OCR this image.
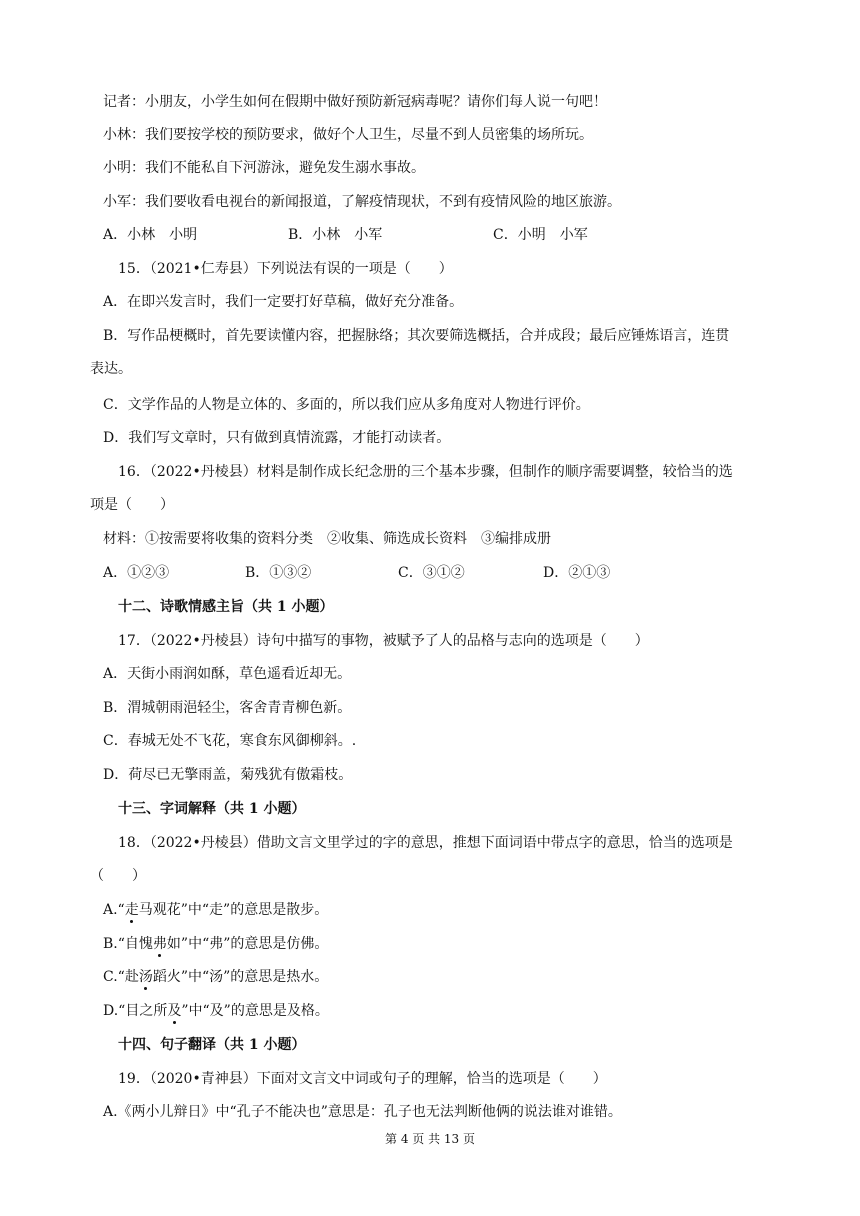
记者：小朋友，小学生如何在假期中做好预防新冠病毒呢？请你们每人说一句吧！
小林：我们要按学校的预防要求，做好个人卫生，尽量不到人员密集的场所玩。
小明：我们不能私自下河游泳，避免发生溺水事故。
小军：我们要收看电视台的新闻报道，了解疫情现状，不到有疫情风险的地区旅游。
A．小林　小明	B．小林　小军	C．小明　小军
15．（2021•仁寿县）下列说法有误的一项是（　　）
A．在即兴发言时，我们一定要打好草稿，做好充分准备。
B．写作品梗概时，首先要读懂内容，把握脉络；其次要筛选概括，合并成段；最后应锤炼语言，连贯
表达。
C．文学作品的人物是立体的、多面的，所以我们应从多角度对人物进行评价。
D．我们写文章时，只有做到真情流露，才能打动读者。
16．（2022•丹棱县）材料是制作成长纪念册的三个基本步骤，但制作的顺序需要调整，较恰当的选
项是（　　）
材料：①按需要将收集的资料分类　②收集、筛选成长资料　③编排成册
A．①②③	B．①③②	C．③①②	D．②①③
十二、诗歌情感主旨（共 1 小题）
17．（2022•丹棱县）诗句中描写的事物，被赋予了人的品格与志向的选项是（　　）
A．天街小雨润如酥，草色遥看近却无。
B．渭城朝雨浥轻尘，客舍青青柳色新。
C．春城无处不飞花，寒食东风御柳斜。.
D．荷尽已无擎雨盖，菊残犹有傲霜枝。
十三、字词解释（共 1 小题）
18．（2022•丹棱县）借助文言文里学过的字的意思，推想下面词语中带点字的意思，恰当的选项是
（　　）
A.“走马观花”中“走”的意思是散步。
B.“自愧弗如”中“弗”的意思是仿佛。
C.“赴汤蹈火”中“汤”的意思是热水。
D.“目之所及”中“及”的意思是及格。
十四、句子翻译（共 1 小题）
19．（2020•青神县）下面对文言文中词或句子的理解，恰当的选项是（　　）
A.《两小儿辩日》中“孔子不能决也”意思是：孔子也无法判断他俩的说法谁对谁错。
第 4 页 共 13 页
